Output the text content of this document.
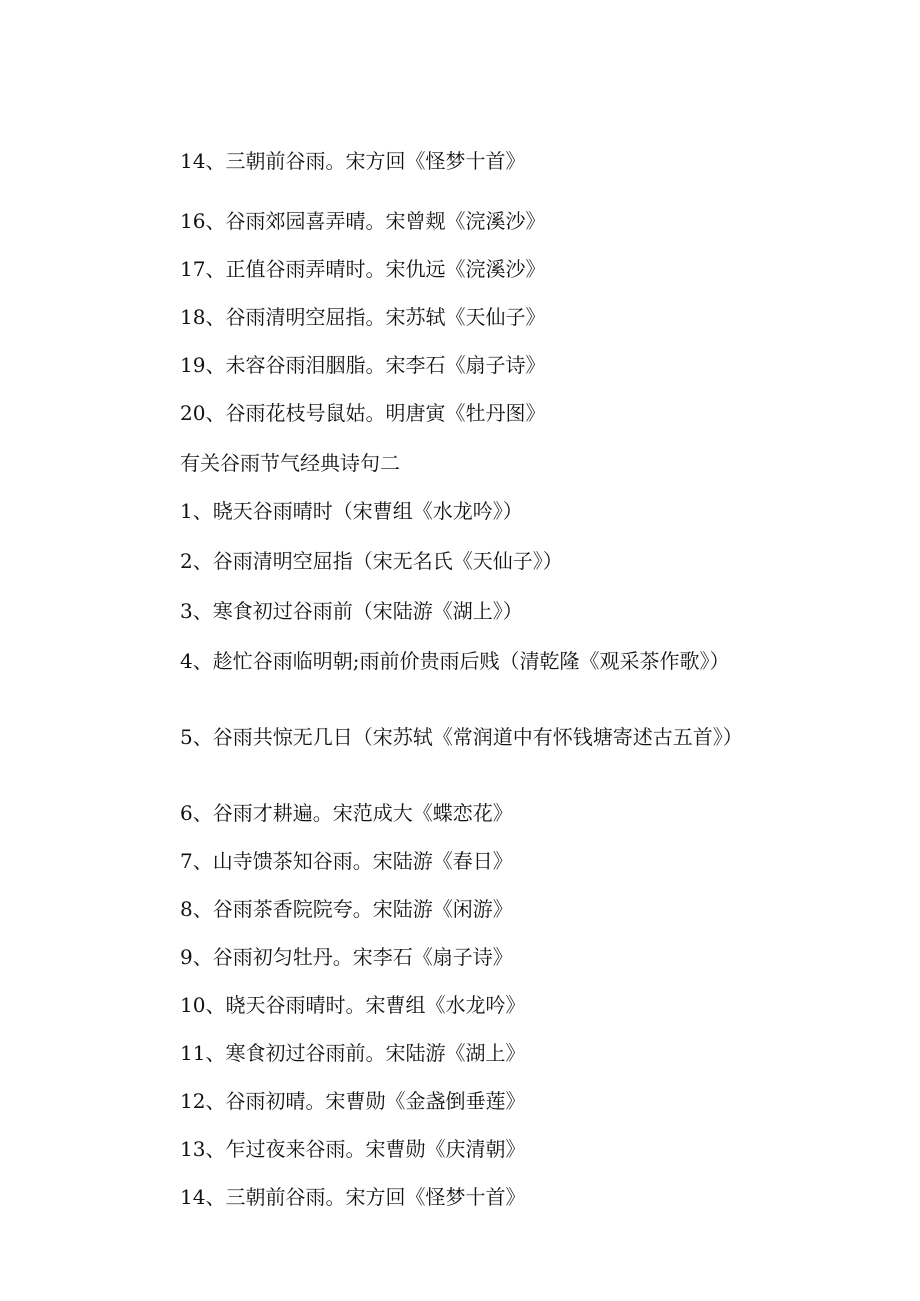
14、三朝前谷雨。宋方回《怪梦十首》
16、谷雨郊园喜弄晴。宋曾觌《浣溪沙》
17、正值谷雨弄晴时。宋仇远《浣溪沙》
18、谷雨清明空屈指。宋苏轼《天仙子》
19、未容谷雨泪胭脂。宋李石《扇子诗》
20、谷雨花枝号鼠姑。明唐寅《牡丹图》
有关谷雨节气经典诗句二
1、晓天谷雨晴时（宋曹组《水龙吟》）
2、谷雨清明空屈指（宋无名氏《天仙子》）
3、寒食初过谷雨前（宋陆游《湖上》）
4、趁忙谷雨临明朝;雨前价贵雨后贱（清乾隆《观采茶作歌》）
5、谷雨共惊无几日（宋苏轼《常润道中有怀钱塘寄述古五首》）
6、谷雨才耕遍。宋范成大《蝶恋花》
7、山寺馈茶知谷雨。宋陆游《春日》
8、谷雨茶香院院夸。宋陆游《闲游》
9、谷雨初匀牡丹。宋李石《扇子诗》
10、晓天谷雨晴时。宋曹组《水龙吟》
11、寒食初过谷雨前。宋陆游《湖上》
12、谷雨初晴。宋曹勋《金盏倒垂莲》
13、乍过夜来谷雨。宋曹勋《庆清朝》
14、三朝前谷雨。宋方回《怪梦十首》
